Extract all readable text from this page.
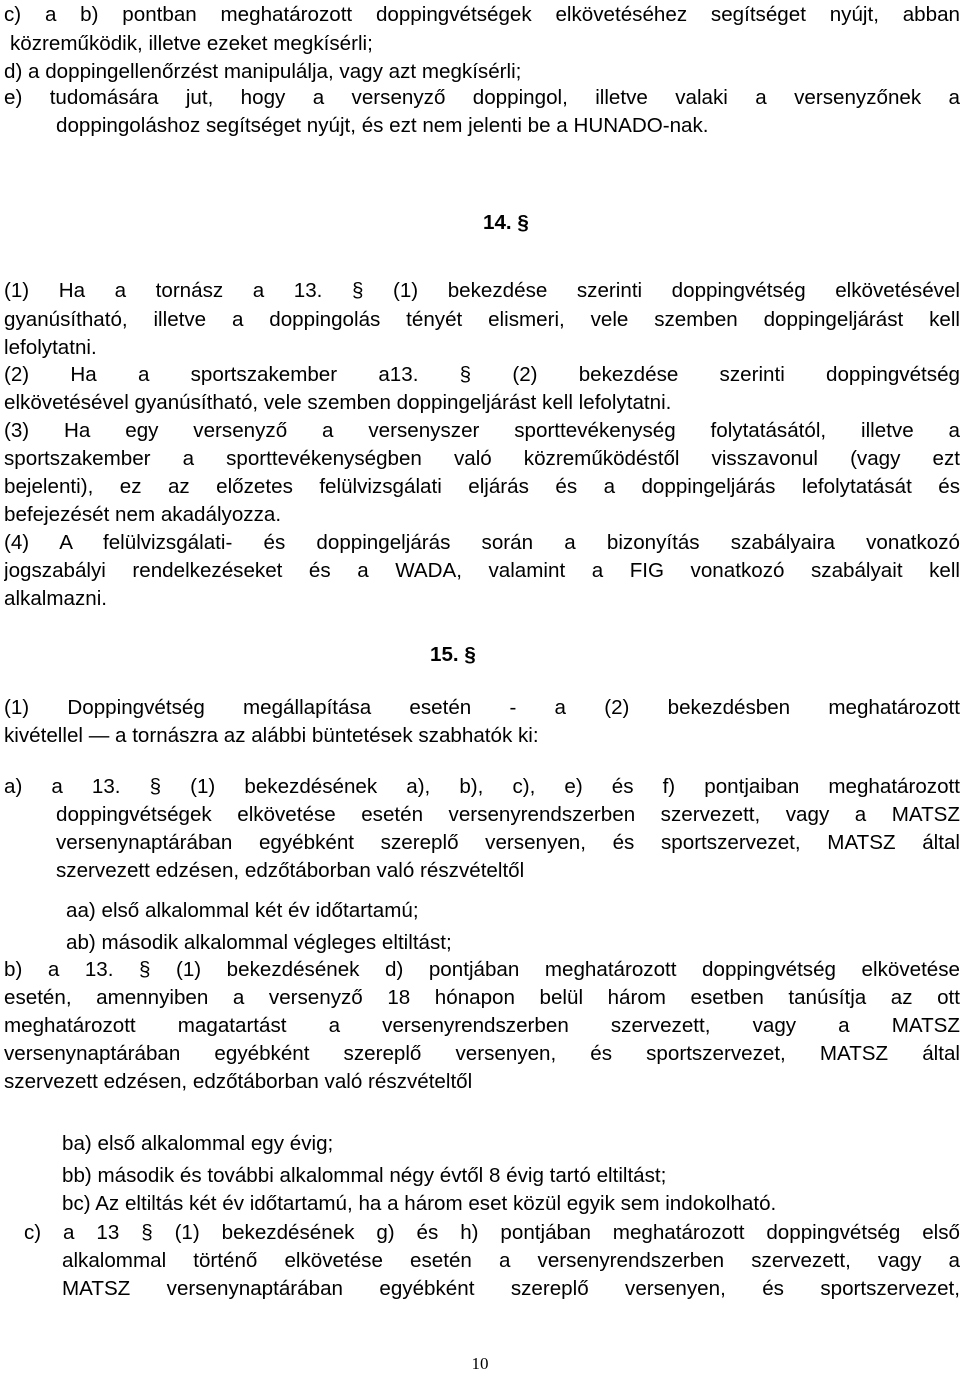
c) a b) pontban meghatározott doppingvétségek elkövetéséhez segítséget nyújt, abban
közreműködik, illetve ezeket megkísérli;
d) a doppingellenőrzést manipulálja, vagy azt megkísérli;
e) tudomására jut, hogy a versenyző doppingol, illetve valaki a versenyzőnek a
doppingoláshoz segítséget nyújt, és ezt nem jelenti be a HUNADO-nak.
14. §
(1) Ha a tornász a 13. § (1) bekezdése szerinti doppingvétség elkövetésével
gyanúsítható, illetve a doppingolás tényét elismeri, vele szemben doppingeljárást kell
lefolytatni.
(2) Ha a sportszakember a13. § (2) bekezdése szerinti doppingvétség
elkövetésével gyanúsítható, vele szemben doppingeljárást kell lefolytatni.
(3) Ha egy versenyző a versenyszer sporttevékenység folytatásától, illetve a
sportszakember a sporttevékenységben való közreműködéstől visszavonul (vagy ezt
bejelenti), ez az előzetes felülvizsgálati eljárás és a doppingeljárás lefolytatását és
befejezését nem akadályozza.
(4) A felülvizsgálati- és doppingeljárás során a bizonyítás szabályaira vonatkozó
jogszabályi rendelkezéseket és a WADA, valamint a FIG vonatkozó szabályait kell
alkalmazni.
15. §
(1) Doppingvétség megállapítása esetén - a (2) bekezdésben meghatározott
kivétellel — a tornászra az alábbi büntetések szabhatók ki:
a) a 13. § (1) bekezdésének a), b), c), e) és f) pontjaiban meghatározott
doppingvétségek elkövetése esetén versenyrendszerben szervezett, vagy a MATSZ
versenynaptárában egyébként szereplő versenyen, és sportszervezet, MATSZ által
szervezett edzésen, edzőtáborban való részvételtől
aa) első alkalommal két év időtartamú;
ab) második alkalommal végleges eltiltást;
b) a 13. § (1) bekezdésének d) pontjában meghatározott doppingvétség elkövetése
esetén, amennyiben a versenyző 18 hónapon belül három esetben tanúsítja az ott
meghatározott magatartást a versenyrendszerben szervezett, vagy a MATSZ
versenynaptárában egyébként szereplő versenyen, és sportszervezet, MATSZ által
szervezett edzésen, edzőtáborban való részvételtől
ba) első alkalommal egy évig;
bb) második és további alkalommal négy évtől 8 évig tartó eltiltást;
bc) Az eltiltás két év időtartamú, ha a három eset közül egyik sem indokolható.
c) a 13 § (1) bekezdésének g) és h) pontjában meghatározott doppingvétség első
alkalommal történő elkövetése esetén a versenyrendszerben szervezett, vagy a
MATSZ versenynaptárában egyébként szereplő versenyen, és sportszervezet,
10
